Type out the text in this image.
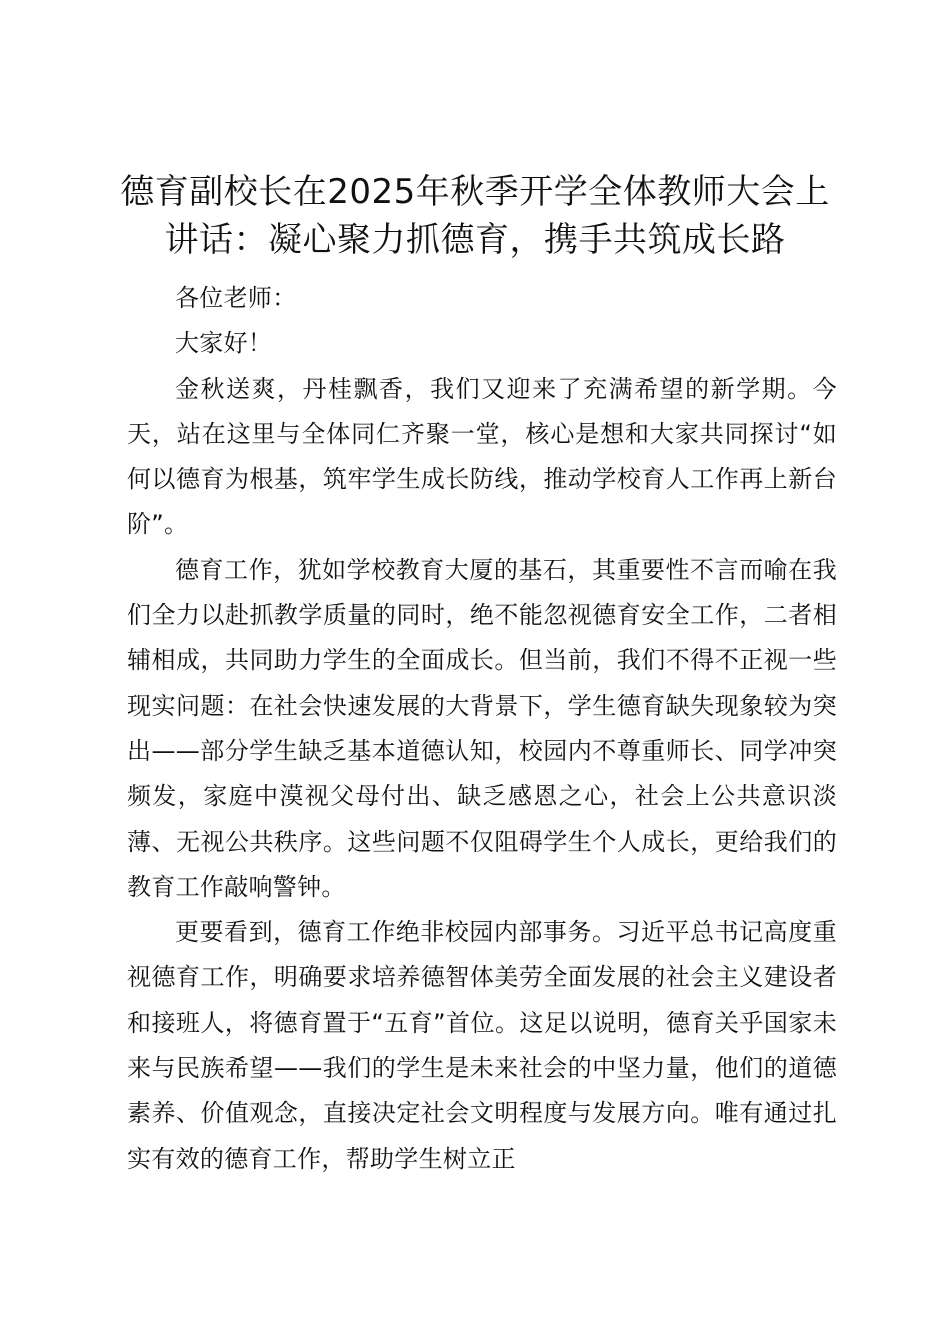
德育副校长在2025年秋季开学全体教师大会上讲话：凝心聚力抓德育，携手共筑成长路

各位老师：

大家好！

金秋送爽，丹桂飘香，我们又迎来了充满希望的新学期。今天，站在这里与全体同仁齐聚一堂，核心是想和大家共同探讨“如何以德育为根基，筑牢学生成长防线，推动学校育人工作再上新台阶”。

德育工作，犹如学校教育大厦的基石，其重要性不言而喻在我们全力以赴抓教学质量的同时，绝不能忽视德育安全工作，二者相辅相成，共同助力学生的全面成长。但当前，我们不得不正视一些现实问题：在社会快速发展的大背景下，学生德育缺失现象较为突出——部分学生缺乏基本道德认知，校园内不尊重师长、同学冲突频发，家庭中漠视父母付出、缺乏感恩之心，社会上公共意识淡薄、无视公共秩序。这些问题不仅阻碍学生个人成长，更给我们的教育工作敲响警钟。

更要看到，德育工作绝非校园内部事务。习近平总书记高度重视德育工作，明确要求培养德智体美劳全面发展的社会主义建设者和接班人，将德育置于“五育”首位。这足以说明，德育关乎国家未来与民族希望——我们的学生是未来社会的中坚力量，他们的道德素养、价值观念，直接决定社会文明程度与发展方向。唯有通过扎实有效的德育工作，帮助学生树立正
